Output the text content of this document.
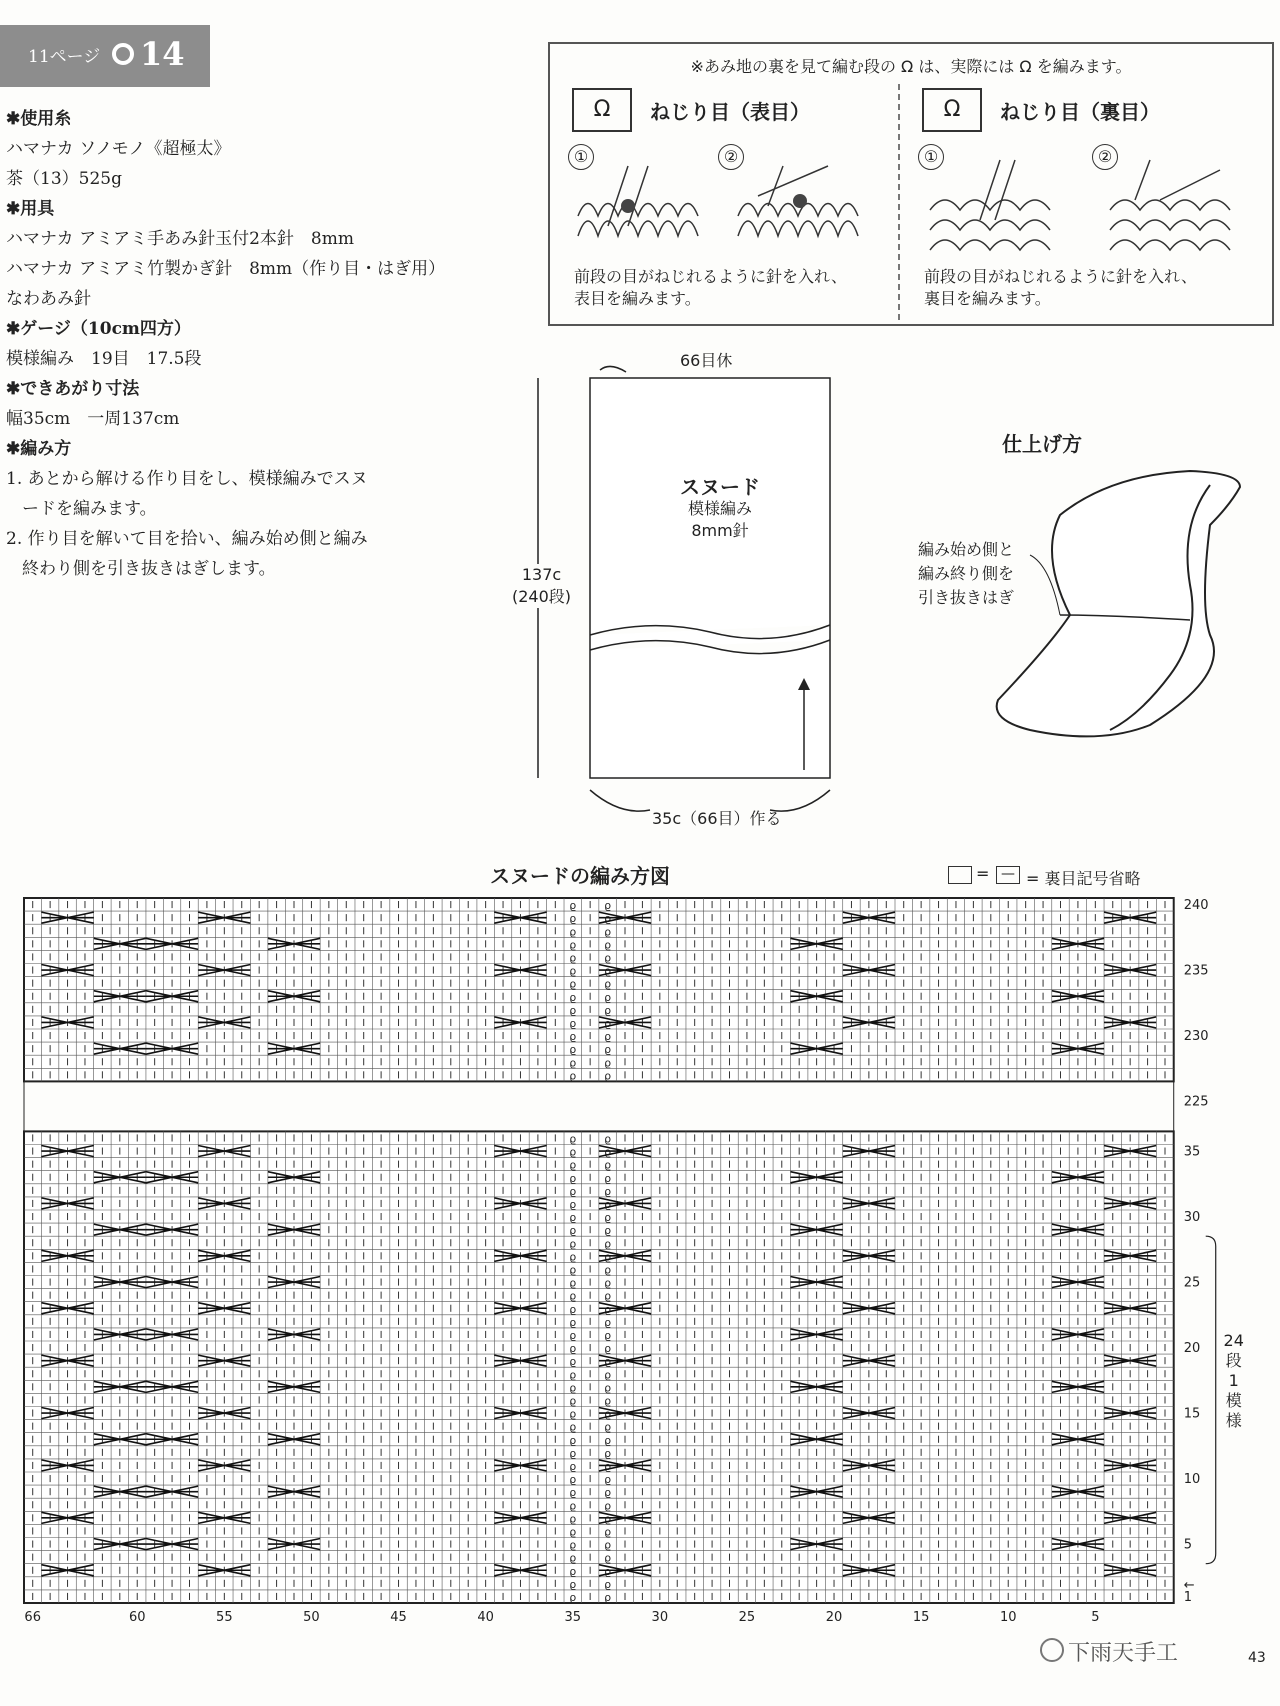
11ページ 14
✱使用糸
ハマナカ ソノモノ《超極太》
茶（13）525g
✱用具
ハマナカ アミアミ手あみ針玉付2本針　8mm
ハマナカ アミアミ竹製かぎ針　8mm（作り目・はぎ用）
なわあみ針
✱ゲージ（10cm四方）
模様編み　19目　17.5段
✱できあがり寸法
幅35cm　一周137cm
✱編み方
1. あとから解ける作り目をし、模様編みでスヌードを編みます。
2. 作り目を解いて目を拾い、編み始め側と編み終わり側を引き抜きはぎします。
※あみ地の裏を見て編む段の Ω は、実際には Ω を編みます。
Ω	ねじり目（表目）
①	②
前段の目がねじれるように針を入れ、
表目を編みます。
Ω	ねじり目（裏目）
①	②
前段の目がねじれるように針を入れ、
裏目を編みます。
66目休
スヌード
模様編み
8mm針
137c
(240段)
35c（66目）作る
仕上げ方
編み始め側と
編み終り側を
引き抜きはぎ
スヌードの編み方図	—
= = 裏目記号省略
ϱ	ϱ
ϱ	ϱ
ϱ	ϱ
ϱ	ϱ
ϱ	ϱ
ϱ	ϱ
ϱ	ϱ
ϱ	ϱ
ϱ	ϱ
ϱ	ϱ
ϱ	ϱ
ϱ	ϱ
ϱ	ϱ
ϱ	ϱ
ϱ	ϱ
ϱ	ϱ
ϱ	ϱ
ϱ	ϱ
ϱ	ϱ
ϱ	ϱ
ϱ	ϱ
ϱ	ϱ
ϱ	ϱ
ϱ	ϱ
ϱ	ϱ
ϱ	ϱ
ϱ	ϱ
ϱ	ϱ
ϱ	ϱ
ϱ	ϱ
ϱ	ϱ
ϱ	ϱ
ϱ	ϱ
ϱ	ϱ
ϱ	ϱ
ϱ	ϱ
ϱ	ϱ
ϱ	ϱ
ϱ	ϱ
ϱ	ϱ
ϱ	ϱ
ϱ	ϱ
ϱ	ϱ
ϱ	ϱ
ϱ	ϱ
ϱ	ϱ
ϱ	ϱ
ϱ	ϱ
ϱ	ϱ
ϱ	ϱ
240
235
230
225
35
30
25
20
15
10
5
1
24
段
1
模
様
66	60	55	50	45	40	35	30	25	20	15	10	5
←
下雨天手工	43
